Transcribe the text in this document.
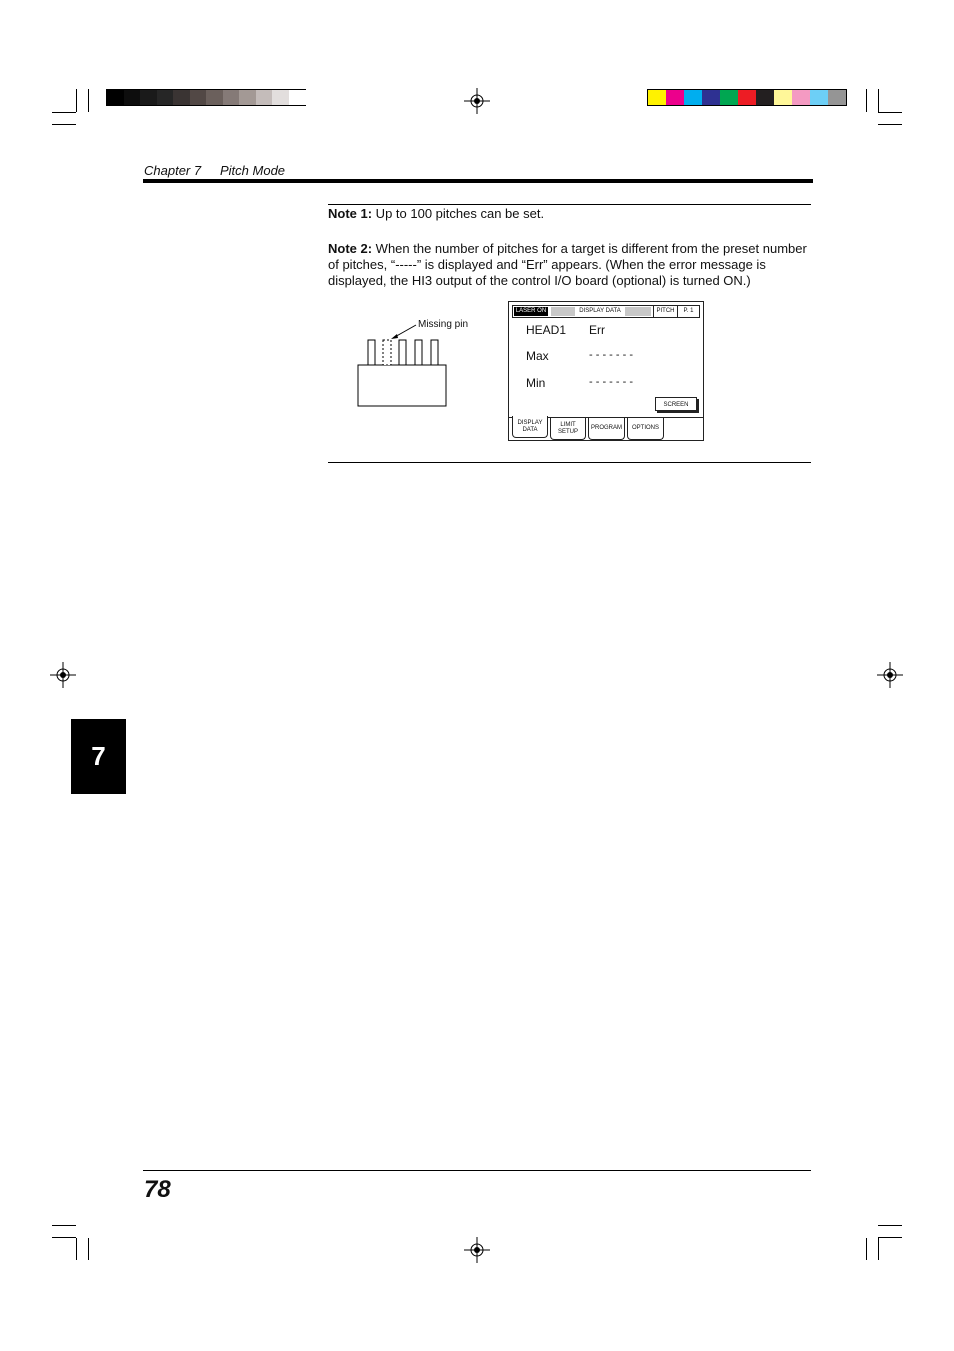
Chapter 7 Pitch Mode
Note 1: Up to 100 pitches can be set.
Note 2: When the number of pitches for a target is different from the preset number
of pitches, “-----” is displayed and “Err” appears. (When the error message is
displayed, the HI3 output of the control I/O board (optional) is turned ON.)
Missing pin
LASER ON	DISPLAY DATA	PITCH	P. 1
HEAD1 Err
Max	- - - - - - -
Min	- - - - - - -
SCREEN
DISPLAY
DATA
LIMIT
SETUP
PROGRAM OPTIONS
7
78
